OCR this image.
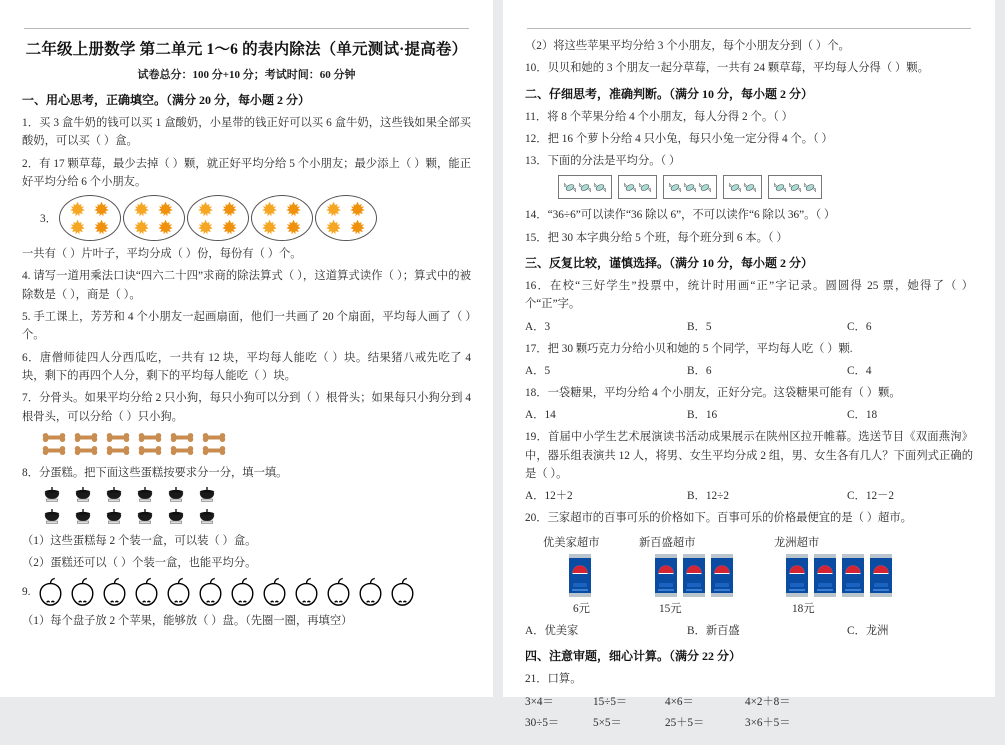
二年级上册数学 第二单元 1～6 的表内除法（单元测试·提高卷）
试卷总分：100 分+10 分；考试时间：60 分钟
一、用心思考，正确填空。（满分 20 分，每小题 2 分）

1．买 3 盒牛奶的钱可以买 1 盒酸奶，小星带的钱正好可以买 6 盒牛奶，这些钱如果全部买酸奶，可以买（ ）盒。

2．有 17 颗草莓，最少去掉（ ）颗，就正好平均分给 5 个小朋友；最少添上（ ）颗，能正好平均分给 6 个小朋友。

3．

一共有（ ）片叶子，平均分成（ ）份，每份有（ ）个。

4. 请写一道用乘法口诀“四六二十四”求商的除法算式（ ），这道算式读作（ ）；算式中的被除数是（ ），商是（ ）。

5. 手工课上，芳芳和 4 个小朋友一起画扇面，他们一共画了 20 个扇面，平均每人画了（ ）个。

6．唐僧师徒四人分西瓜吃，一共有 12 块，平均每人能吃（ ）块。结果猪八戒先吃了 4 块，剩下的再四个人分，剩下的平均每人能吃（ ）块。

7．分骨头。如果平均分给 2 只小狗，每只小狗可以分到（ ）根骨头；如果每只小狗分到 4 根骨头，可以分给（ ）只小狗。

8．分蛋糕。把下面这些蛋糕按要求分一分，填一填。

（1）这些蛋糕每 2 个装一盒，可以装（ ）盒。

（2）蛋糕还可以（ ）个装一盒，也能平均分。

9.

（1）每个盘子放 2 个苹果，能够放（ ）盘。（先圈一圈，再填空）

（2）将这些苹果平均分给 3 个小朋友，每个小朋友分到（ ）个。

10．贝贝和她的 3 个朋友一起分草莓，一共有 24 颗草莓，平均每人分得（ ）颗。

二、仔细思考，准确判断。（满分 10 分，每小题 2 分）

11．将 8 个苹果分给 4 个小朋友，每人分得 2 个。（ ）

12．把 16 个萝卜分给 4 只小兔，每只小兔一定分得 4 个。（ ）

13．下面的分法是平均分。（ ）

14．“36÷6”可以读作“36 除以 6”，不可以读作“6 除以 36”。（ ）

15．把 30 本字典分给 5 个班，每个班分到 6 本。（ ）

三、反复比较，谨慎选择。（满分 10 分，每小题 2 分）

16．在校“三好学生”投票中，统计时用画“正”字记录。圆圆得 25 票，她得了（ ）个“正”字。

A．3	B．5	C．6

17．把 30 颗巧克力分给小贝和她的 5 个同学，平均每人吃（ ）颗.

A．5	B．6	C．4

18．一袋糖果，平均分给 4 个小朋友，正好分完。这袋糖果可能有（ ）颗。

A．14	B．16	C．18

19．首届中小学生艺术展演读书活动成果展示在陕州区拉开帷幕。选送节目《双面燕洵》中，器乐组表演共 12 人，将男、女生平均分成 2 组，男、女生各有几人？下面列式正确的是（ ）。

A．12＋2	B．12÷2	C．12－2

20．三家超市的百事可乐的价格如下。百事可乐的价格最便宜的是（ ）超市。

优美家超市	新百盛超市	龙洲超市
6元	15元	18元
A．优美家	B．新百盛	C．龙洲
四、注意审题，细心计算。（满分 22 分）

21．口算。

3×4＝	15÷5＝	4×6＝	4×2＋8＝
30÷5＝	5×5＝	25＋5＝	3×6＋5＝
